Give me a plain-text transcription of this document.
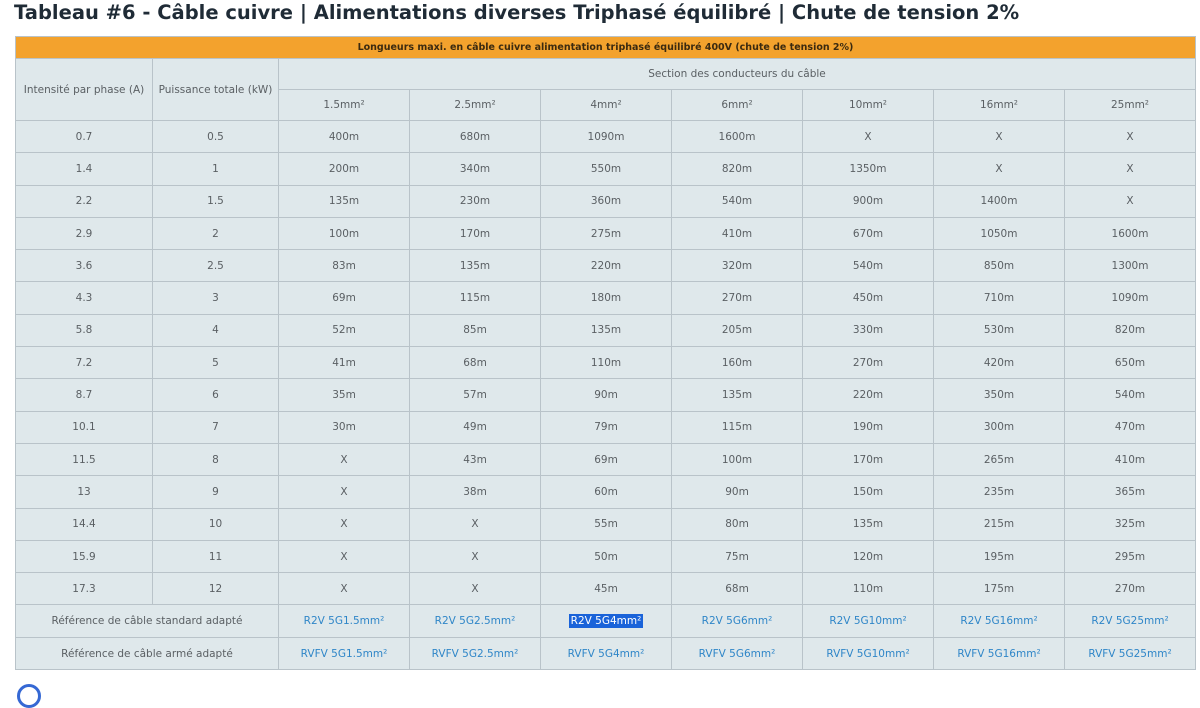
Tableau #6 - Câble cuivre | Alimentations diverses Triphasé équilibré | Chute de tension 2%
Longueurs maxi. en câble cuivre alimentation triphasé équilibré 400V (chute de tension 2%)								
Intensité par phase (A)	Puissance totale (kW)	Section des conducteurs du câble						
		1.5mm²	2.5mm²	4mm²	6mm²	10mm²	16mm²	25mm²
0.7	0.5	400m	680m	1090m	1600m	X	X	X
1.4	1	200m	340m	550m	820m	1350m	X	X
2.2	1.5	135m	230m	360m	540m	900m	1400m	X
2.9	2	100m	170m	275m	410m	670m	1050m	1600m
3.6	2.5	83m	135m	220m	320m	540m	850m	1300m
4.3	3	69m	115m	180m	270m	450m	710m	1090m
5.8	4	52m	85m	135m	205m	330m	530m	820m
7.2	5	41m	68m	110m	160m	270m	420m	650m
8.7	6	35m	57m	90m	135m	220m	350m	540m
10.1	7	30m	49m	79m	115m	190m	300m	470m
11.5	8	X	43m	69m	100m	170m	265m	410m
13	9	X	38m	60m	90m	150m	235m	365m
14.4	10	X	X	55m	80m	135m	215m	325m
15.9	11	X	X	50m	75m	120m	195m	295m
17.3	12	X	X	45m	68m	110m	175m	270m
Référence de câble standard adapté		R2V 5G1.5mm²	R2V 5G2.5mm²	R2V 5G4mm²	R2V 5G6mm²	R2V 5G10mm²	R2V 5G16mm²	R2V 5G25mm²
Référence de câble armé adapté		RVFV 5G1.5mm²	RVFV 5G2.5mm²	RVFV 5G4mm²	RVFV 5G6mm²	RVFV 5G10mm²	RVFV 5G16mm²	RVFV 5G25mm²
